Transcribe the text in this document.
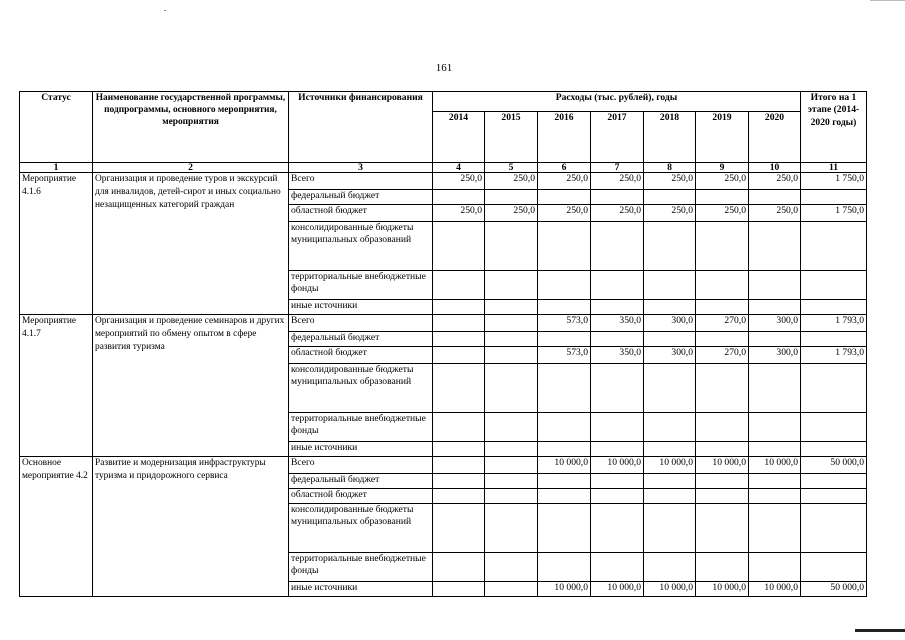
161
Статус	Наименование государственной программы, подпрограммы, основного мероприятия, мероприятия	Источники финансирования	Расходы (тыс. рублей), годы							Итого на 1 этапе (2014-2020 годы)
			2014	2015	2016	2017	2018	2019	2020	
1	2	3	4	5	6	7	8	9	10	11
Мероприятие 4.1.6	Организация и проведение туров и экскурсий для инвалидов, детей-сирот и иных социально незащищенных категорий граждан	Всего	250,0	250,0	250,0	250,0	250,0	250,0	250,0	1 750,0
		федеральный бюджет								
		областной бюджет	250,0	250,0	250,0	250,0	250,0	250,0	250,0	1 750,0
		консолидированные бюджеты муниципальных образований								
		территориальные внебюджетные фонды								
		иные источники								
Мероприятие 4.1.7	Организация и проведение семинаров и других мероприятий по обмену опытом в сфере развития туризма	Всего			573,0	350,0	300,0	270,0	300,0	1 793,0
		федеральный бюджет								
		областной бюджет			573,0	350,0	300,0	270,0	300,0	1 793,0
		консолидированные бюджеты муниципальных образований								
		территориальные внебюджетные фонды								
		иные источники								
Основное мероприятие 4.2	Развитие и модернизация инфраструктуры туризма и придорожного сервиса	Всего			10 000,0	10 000,0	10 000,0	10 000,0	10 000,0	50 000,0
		федеральный бюджет								
		областной бюджет								
		консолидированные бюджеты муниципальных образований								
		территориальные внебюджетные фонды								
		иные источники			10 000,0	10 000,0	10 000,0	10 000,0	10 000,0	50 000,0
